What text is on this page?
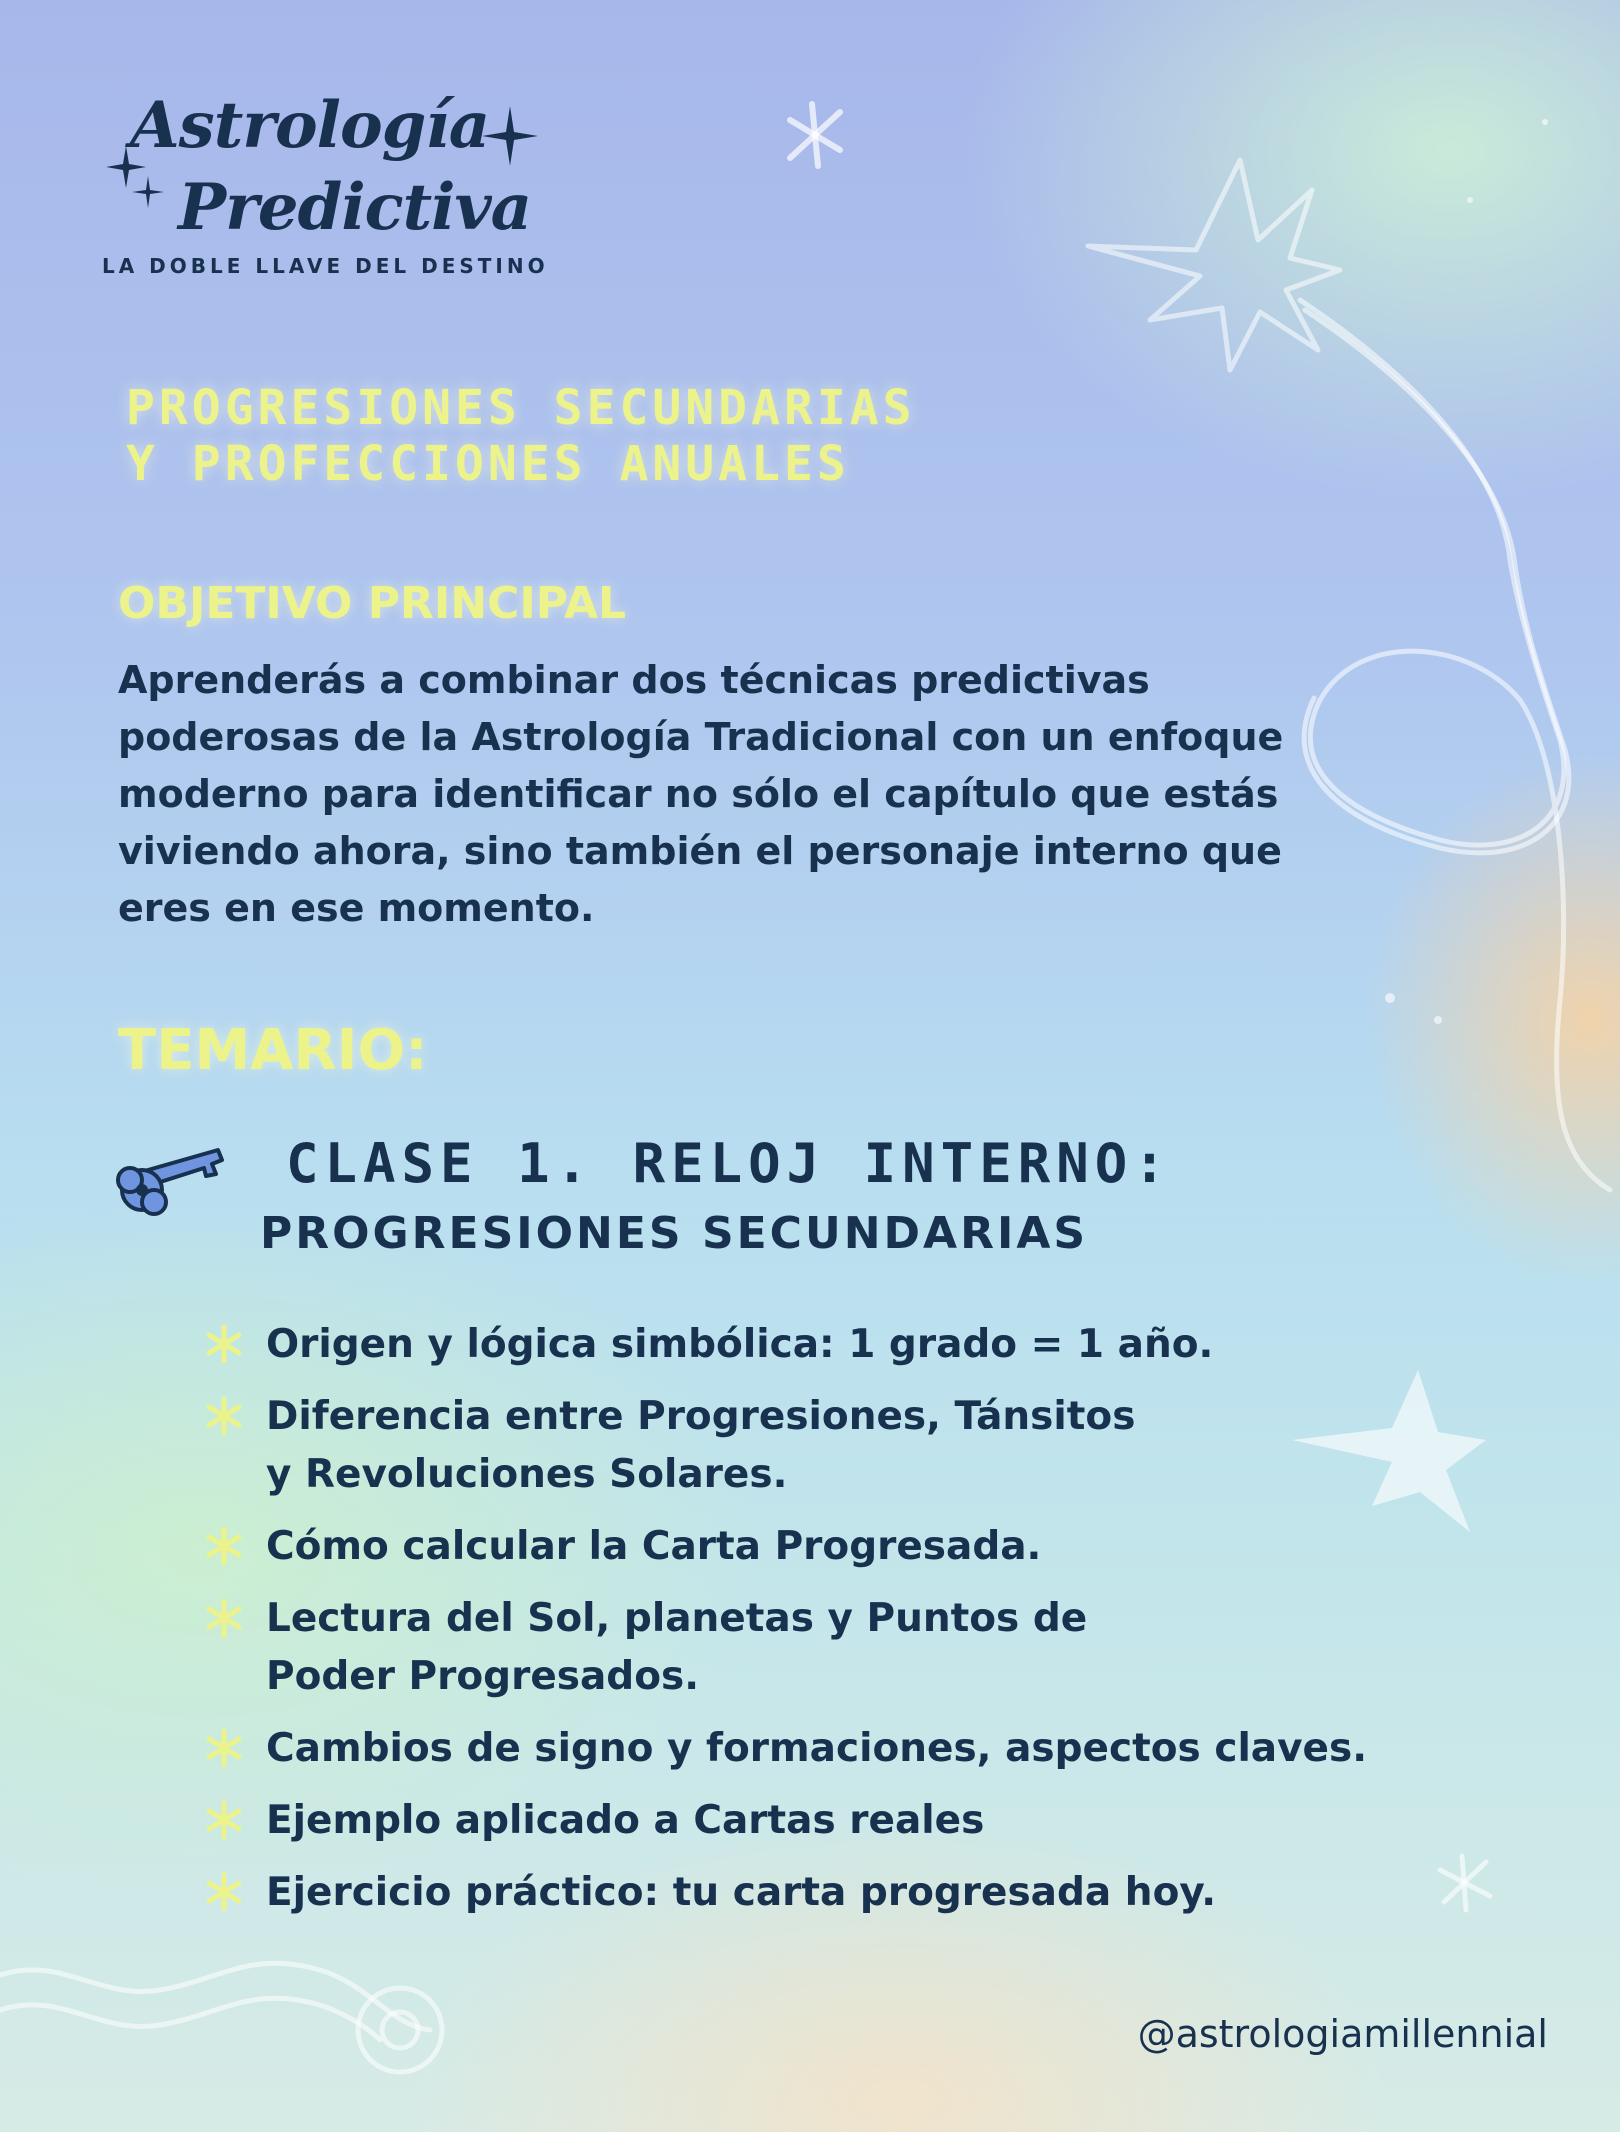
Astrología
Predictiva
LA DOBLE LLAVE DEL DESTINO
PROGRESIONES SECUNDARIAS
Y PROFECCIONES ANUALES
OBJETIVO PRINCIPAL
Aprenderás a combinar dos técnicas predictivas poderosas de la Astrología Tradicional con un enfoque moderno para identificar no sólo el capítulo que estás viviendo ahora, sino también el personaje interno que eres en ese momento.
TEMARIO:
CLASE 1. RELOJ INTERNO:
PROGRESIONES SECUNDARIAS
Origen y lógica simbólica: 1 grado = 1 año.
Diferencia entre Progresiones, Tánsitos
y Revoluciones Solares.
Cómo calcular la Carta Progresada.
Lectura del Sol, planetas y Puntos de
Poder Progresados.
Cambios de signo y formaciones, aspectos claves.
Ejemplo aplicado a Cartas reales
Ejercicio práctico: tu carta progresada hoy.
@astrologiamillennial
